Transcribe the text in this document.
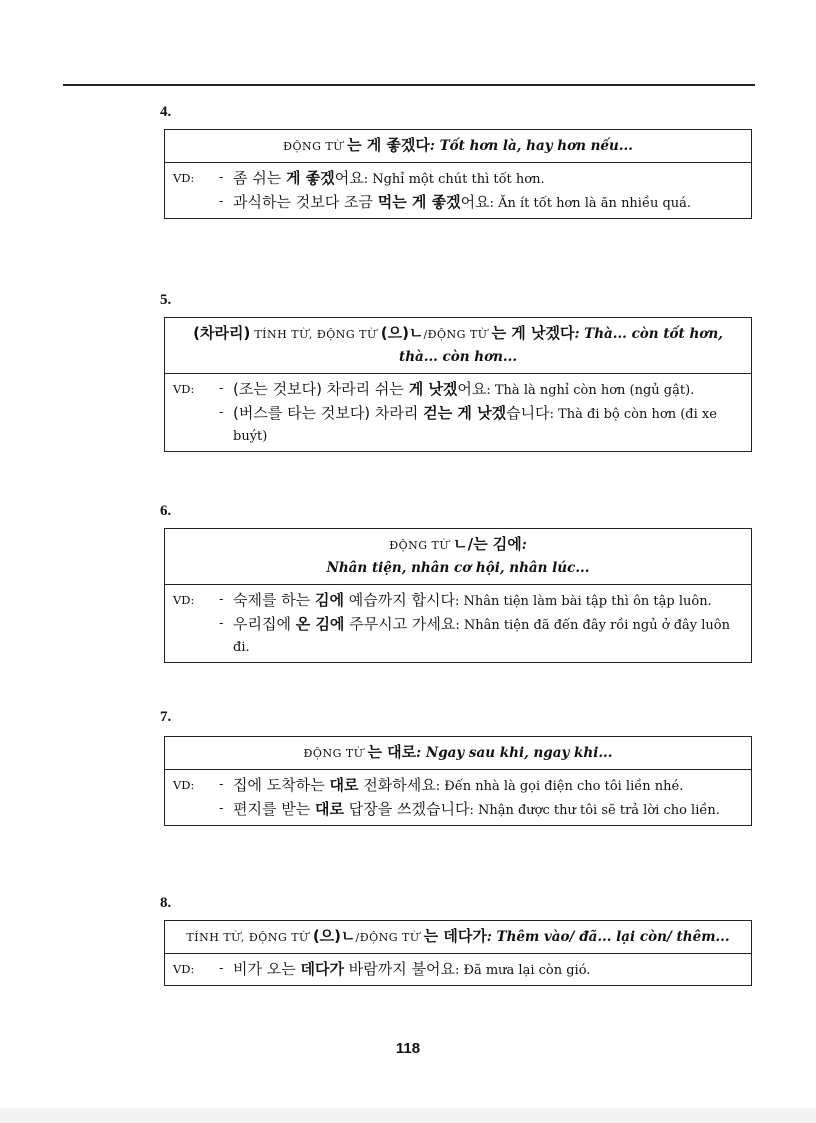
4.
ĐỘNG TỪ 는 게 좋겠다: Tốt hơn là, hay hơn nếu...
VD:	- 좀 쉬는 게 좋겠어요: Nghỉ một chút thì tốt hơn.
- 과식하는 것보다 조금 먹는 게 좋겠어요: Ăn ít tốt hơn là ăn nhiều quá.
5.
(차라리) TÍNH TỪ, ĐỘNG TỪ (으)ㄴ/ĐỘNG TỪ 는 게 낫겠다: Thà... còn tốt hơn, thà... còn hơn...
VD:	- (조는 것보다) 차라리 쉬는 게 낫겠어요: Thà là nghỉ còn hơn (ngủ gật).
- (버스를 타는 것보다) 차라리 걷는 게 낫겠습니다: Thà đi bộ còn hơn (đi xe buýt)
6.
ĐỘNG TỪ ㄴ/는 김에:
Nhân tiện, nhân cơ hội, nhân lúc...
VD:	- 숙제를 하는 김에 예습까지 합시다: Nhân tiện làm bài tập thì ôn tập luôn.
- 우리집에 온 김에 주무시고 가세요: Nhân tiện đã đến đây rồi ngủ ở đây luôn đi.
7.
ĐỘNG TỪ 는 대로: Ngay sau khi, ngay khi...
VD:	- 집에 도착하는 대로 전화하세요: Đến nhà là gọi điện cho tôi liền nhé.
- 편지를 받는 대로 답장을 쓰겠습니다: Nhận được thư tôi sẽ trả lời cho liền.
8.
TÍNH TỪ, ĐỘNG TỪ (으)ㄴ/ĐỘNG TỪ 는 데다가: Thêm vào/ đã... lại còn/ thêm...
VD:	- 비가 오는 데다가 바람까지 불어요: Đã mưa lại còn gió.
118
